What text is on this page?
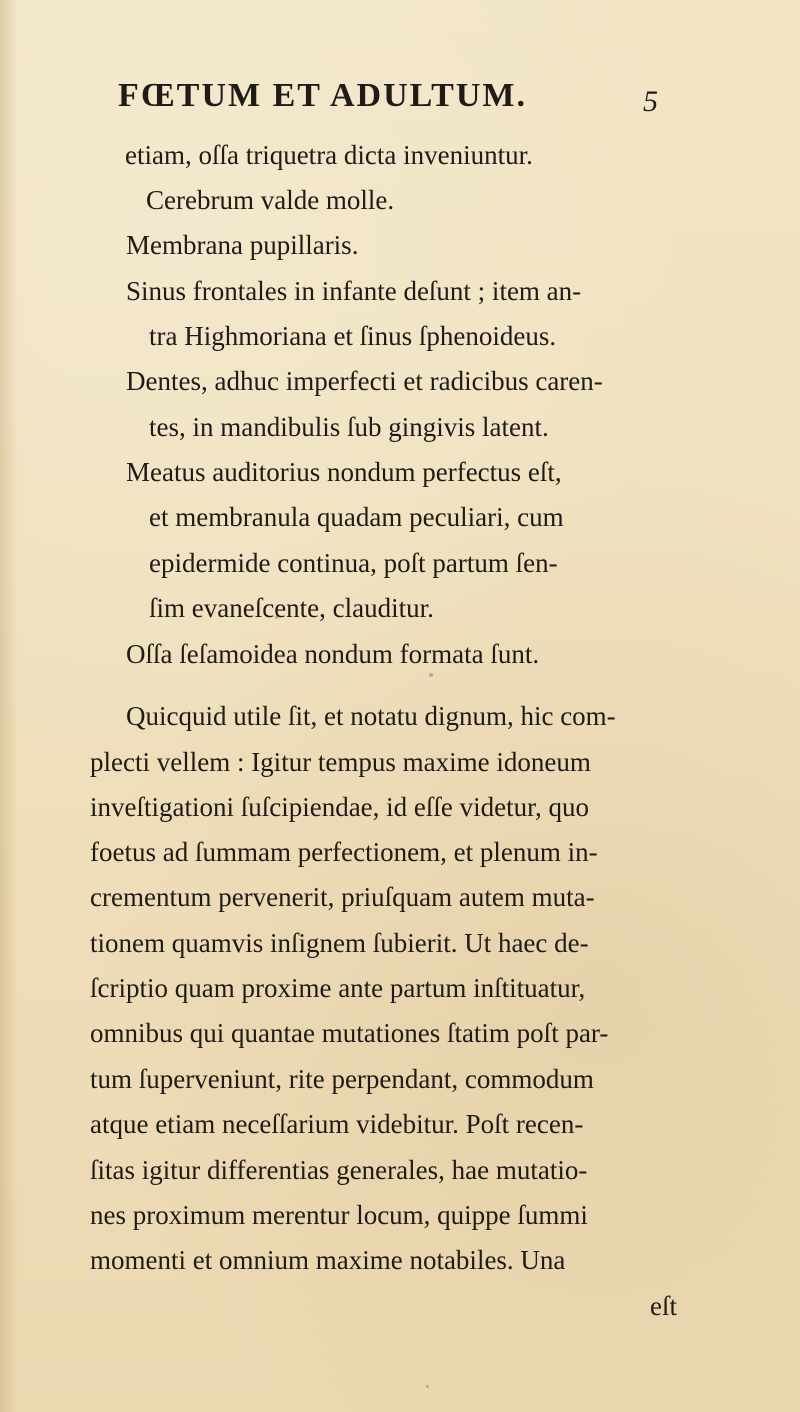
FŒTUM ET ADULTUM.	5
etiam, oſſa triquetra dicta inveniuntur.
Cerebrum valde molle.
Membrana pupillaris.
Sinus frontales in infante deſunt ; item an-
tra Highmoriana et ſinus ſphenoideus.
Dentes, adhuc imperfecti et radicibus caren-
tes, in mandibulis ſub gingivis latent.
Meatus auditorius nondum perfectus eſt,
et membranula quadam peculiari, cum
epidermide continua, poſt partum ſen-
ſim evaneſcente, clauditur.
Oſſa ſeſamoidea nondum formata ſunt.
Quicquid utile ſit, et notatu dignum, hic com-
plecti vellem : Igitur tempus maxime idoneum
inveſtigationi ſuſcipiendae, id eſſe videtur, quo
foetus ad ſummam perfectionem, et plenum in-
crementum pervenerit, priuſquam autem muta-
tionem quamvis inſignem ſubierit. Ut haec de-
ſcriptio quam proxime ante partum inſtituatur,
omnibus qui quantae mutationes ſtatim poſt par-
tum ſuperveniunt, rite perpendant, commodum
atque etiam neceſſarium videbitur. Poſt recen-
ſitas igitur differentias generales, hae mutatio-
nes proximum merentur locum, quippe ſummi
momenti et omnium maxime notabiles. Una
eſt
